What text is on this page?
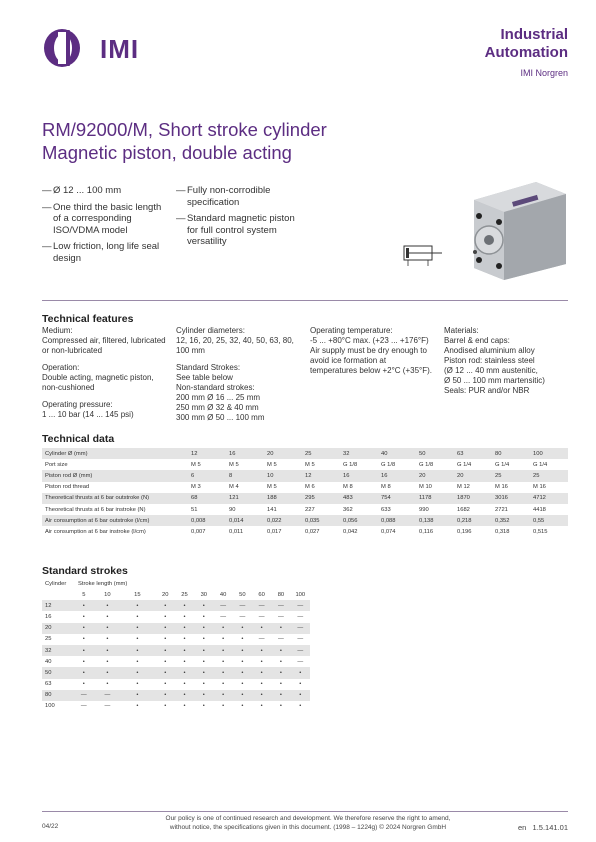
IMI	Industrial
Automation
IMI Norgren
RM/92000/M, Short stroke cylinder
Magnetic piston, double acting
— Ø 12 ... 100 mm
— One third the basic length of a corresponding ISO/VDMA model
— Low friction, long life seal design
— Fully non-corrodible specification
— Standard magnetic piston for full control system versatility
Technical features

Medium:
Compressed air, filtered, lubricated or non-lubricated

Operation:
Double acting, magnetic piston, non-cushioned

Operating pressure:
1 ... 10 bar (14 ... 145 psi)

Cylinder diameters:
12, 16, 20, 25, 32, 40, 50, 63, 80, 100 mm

Standard Strokes:
See table below
Non-standard strokes:
200 mm Ø 16 ... 25 mm
250 mm Ø 32 & 40 mm
300 mm Ø 50 ... 100 mm

Operating temperature:
-5 ... +80°C max. (+23 ... +176°F)
Air supply must be dry enough to avoid ice formation at temperatures below +2°C (+35°F).

Materials:
Barrel & end caps:
Anodised aluminium alloy
Piston rod: stainless steel
(Ø 12 ... 40 mm austenitic,
Ø 50 ... 100 mm martensitic)
Seals: PUR and/or NBR

Technical data
Cylinder Ø (mm)	12	16	20	25	32	40	50	63	80	100
Port size	M 5	M 5	M 5	M 5	G 1/8	G 1/8	G 1/8	G 1/4	G 1/4	G 1/4
Piston rod Ø (mm)	6	8	10	12	16	16	20	20	25	25
Piston rod thread	M 3	M 4	M 5	M 6	M 8	M 8	M 10	M 12	M 16	M 16
Theoretical thrusts at 6 bar outstroke (N)	68	121	188	295	483	754	1178	1870	3016	4712
Theoretical thrusts at 6 bar instroke (N)	51	90	141	227	362	633	990	1682	2721	4418
Air consumption at 6 bar outstroke (l/cm)	0,008	0,014	0,022	0,035	0,056	0,088	0,138	0,218	0,352	0,55
Air consumption at 6 bar instroke (l/cm)	0,007	0,011	0,017	0,027	0,042	0,074	0,116	0,196	0,318	0,515
Standard strokes
Cylinder Stroke length (mm)
	5	10	15	20	25	30	40	50	60	80	100
12	•	•	•	•	•	•	—	—	—	—	—
16	•	•	•	•	•	•	—	—	—	—	—
20	•	•	•	•	•	•	•	•	•	•	—
25	•	•	•	•	•	•	•	•	—	—	—
32	•	•	•	•	•	•	•	•	•	•	—
40	•	•	•	•	•	•	•	•	•	•	—
50	•	•	•	•	•	•	•	•	•	•	•
63	•	•	•	•	•	•	•	•	•	•	•
80	—	—	•	•	•	•	•	•	•	•	•
100	—	—	•	•	•	•	•	•	•	•	•
04/22
Our policy is one of continued research and development. We therefore reserve the right to amend,
without notice, the specifications given in this document. (1998 – 1224g) © 2024 Norgren GmbH	en 1.5.141.01
